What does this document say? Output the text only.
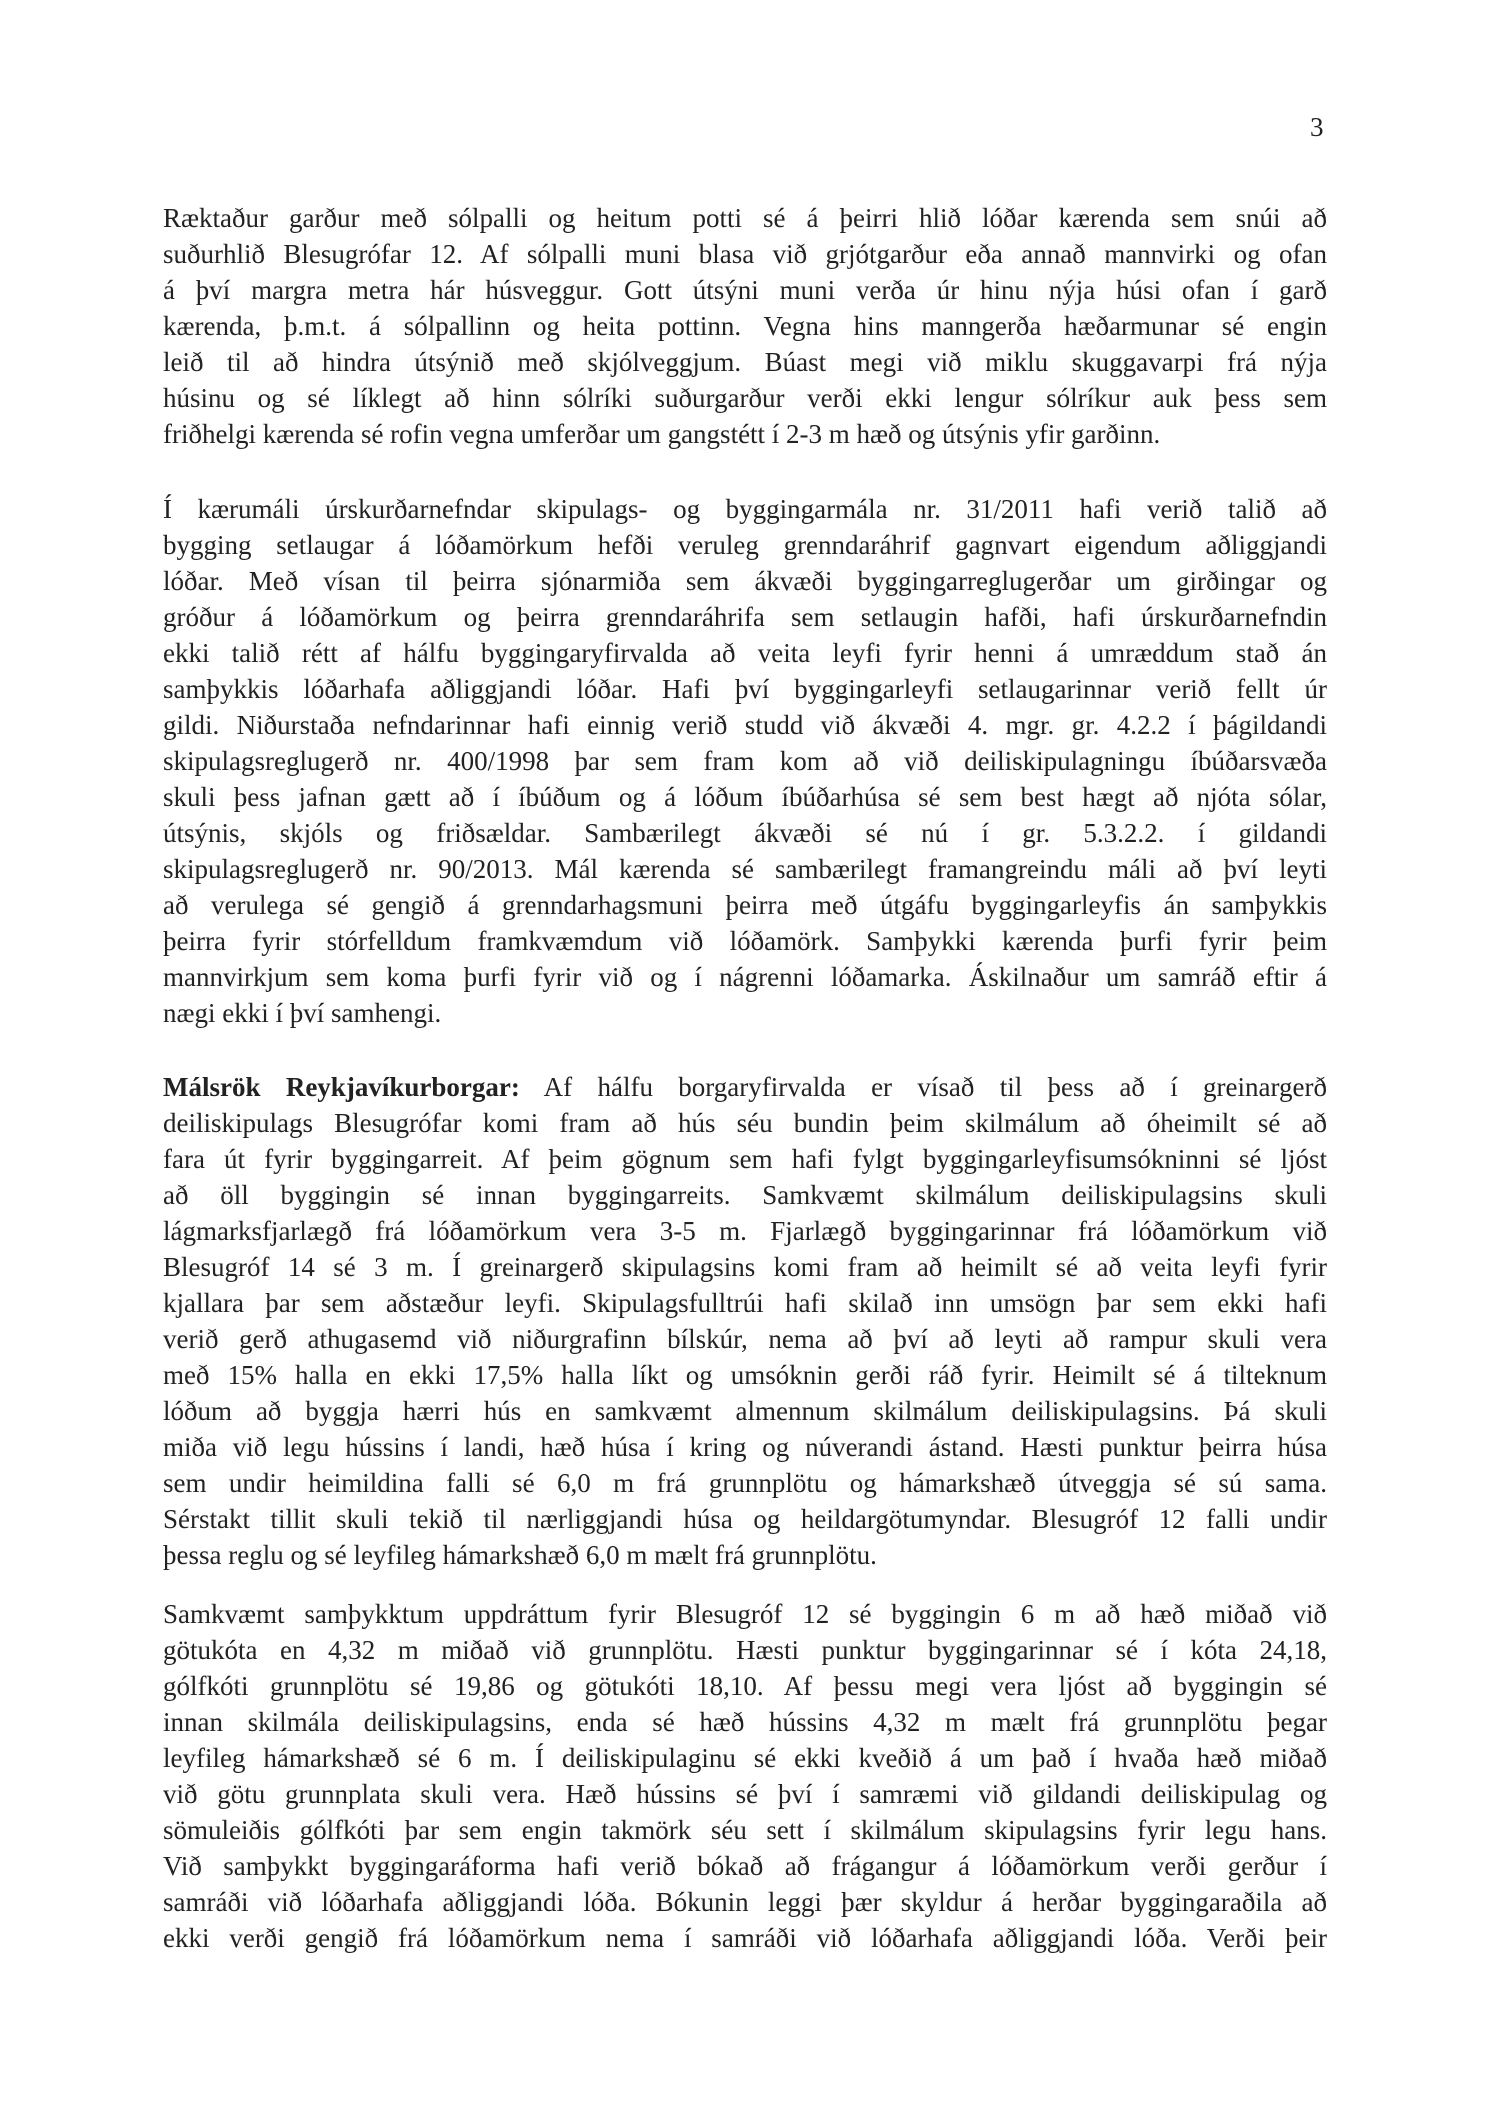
3
Ræktaður garður með sólpalli og heitum potti sé á þeirri hlið lóðar kærenda sem snúi að
suðurhlið Blesugrófar 12. Af sólpalli muni blasa við grjótgarður eða annað mannvirki og ofan
á því margra metra hár húsveggur. Gott útsýni muni verða úr hinu nýja húsi ofan í garð
kærenda, þ.m.t. á sólpallinn og heita pottinn. Vegna hins manngerða hæðarmunar sé engin
leið til að hindra útsýnið með skjólveggjum. Búast megi við miklu skuggavarpi frá nýja
húsinu og sé líklegt að hinn sólríki suðurgarður verði ekki lengur sólríkur auk þess sem
friðhelgi kærenda sé rofin vegna umferðar um gangstétt í 2-3 m hæð og útsýnis yfir garðinn.
Í kærumáli úrskurðarnefndar skipulags- og byggingarmála nr. 31/2011 hafi verið talið að
bygging setlaugar á lóðamörkum hefði veruleg grenndaráhrif gagnvart eigendum aðliggjandi
lóðar. Með vísan til þeirra sjónarmiða sem ákvæði byggingarreglugerðar um girðingar og
gróður á lóðamörkum og þeirra grenndaráhrifa sem setlaugin hafði, hafi úrskurðarnefndin
ekki talið rétt af hálfu byggingaryfirvalda að veita leyfi fyrir henni á umræddum stað án
samþykkis lóðarhafa aðliggjandi lóðar. Hafi því byggingarleyfi setlaugarinnar verið fellt úr
gildi. Niðurstaða nefndarinnar hafi einnig verið studd við ákvæði 4. mgr. gr. 4.2.2 í þágildandi
skipulagsreglugerð nr. 400/1998 þar sem fram kom að við deiliskipulagningu íbúðarsvæða
skuli þess jafnan gætt að í íbúðum og á lóðum íbúðarhúsa sé sem best hægt að njóta sólar,
útsýnis, skjóls og friðsældar. Sambærilegt ákvæði sé nú í gr. 5.3.2.2. í gildandi
skipulagsreglugerð nr. 90/2013. Mál kærenda sé sambærilegt framangreindu máli að því leyti
að verulega sé gengið á grenndarhagsmuni þeirra með útgáfu byggingarleyfis án samþykkis
þeirra fyrir stórfelldum framkvæmdum við lóðamörk. Samþykki kærenda þurfi fyrir þeim
mannvirkjum sem koma þurfi fyrir við og í nágrenni lóðamarka. Áskilnaður um samráð eftir á
nægi ekki í því samhengi.
Málsrök Reykjavíkurborgar: Af hálfu borgaryfirvalda er vísað til þess að í greinargerð
deiliskipulags Blesugrófar komi fram að hús séu bundin þeim skilmálum að óheimilt sé að
fara út fyrir byggingarreit. Af þeim gögnum sem hafi fylgt byggingarleyfisumsókninni sé ljóst
að öll byggingin sé innan byggingarreits. Samkvæmt skilmálum deiliskipulagsins skuli
lágmarksfjarlægð frá lóðamörkum vera 3-5 m. Fjarlægð byggingarinnar frá lóðamörkum við
Blesugróf 14 sé 3 m. Í greinargerð skipulagsins komi fram að heimilt sé að veita leyfi fyrir
kjallara þar sem aðstæður leyfi. Skipulagsfulltrúi hafi skilað inn umsögn þar sem ekki hafi
verið gerð athugasemd við niðurgrafinn bílskúr, nema að því að leyti að rampur skuli vera
með 15% halla en ekki 17,5% halla líkt og umsóknin gerði ráð fyrir. Heimilt sé á tilteknum
lóðum að byggja hærri hús en samkvæmt almennum skilmálum deiliskipulagsins. Þá skuli
miða við legu hússins í landi, hæð húsa í kring og núverandi ástand. Hæsti punktur þeirra húsa
sem undir heimildina falli sé 6,0 m frá grunnplötu og hámarkshæð útveggja sé sú sama.
Sérstakt tillit skuli tekið til nærliggjandi húsa og heildargötumyndar. Blesugróf 12 falli undir
þessa reglu og sé leyfileg hámarkshæð 6,0 m mælt frá grunnplötu.
Samkvæmt samþykktum uppdráttum fyrir Blesugróf 12 sé byggingin 6 m að hæð miðað við
götukóta en 4,32 m miðað við grunnplötu. Hæsti punktur byggingarinnar sé í kóta 24,18,
gólfkóti grunnplötu sé 19,86 og götukóti 18,10. Af þessu megi vera ljóst að byggingin sé
innan skilmála deiliskipulagsins, enda sé hæð hússins 4,32 m mælt frá grunnplötu þegar
leyfileg hámarkshæð sé 6 m. Í deiliskipulaginu sé ekki kveðið á um það í hvaða hæð miðað
við götu grunnplata skuli vera. Hæð hússins sé því í samræmi við gildandi deiliskipulag og
sömuleiðis gólfkóti þar sem engin takmörk séu sett í skilmálum skipulagsins fyrir legu hans.
Við samþykkt byggingaráforma hafi verið bókað að frágangur á lóðamörkum verði gerður í
samráði við lóðarhafa aðliggjandi lóða. Bókunin leggi þær skyldur á herðar byggingaraðila að
ekki verði gengið frá lóðamörkum nema í samráði við lóðarhafa aðliggjandi lóða. Verði þeir
